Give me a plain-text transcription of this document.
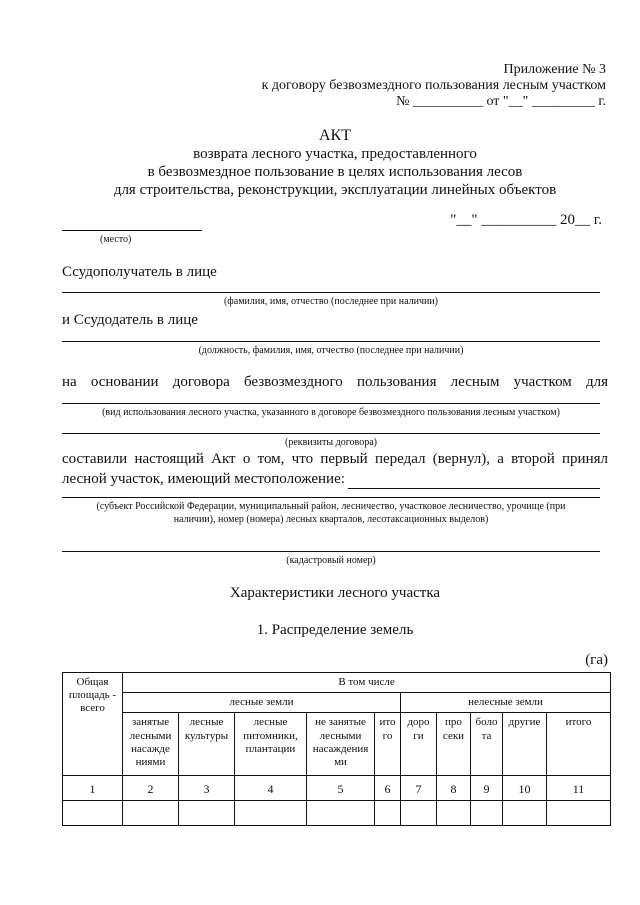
Приложение № 3
к договору безвозмездного пользования лесным участком
№ __________ от "__" _________ г.
АКТ
возврата лесного участка, предоставленного
в безвозмездное пользование в целях использования лесов
для строительства, реконструкции, эксплуатации линейных объектов
(место)
"__" __________ 20__ г.
Ссудополучатель в лице
(фамилия, имя, отчество (последнее при наличии)
и Ссудодатель в лице
(должность, фамилия, имя, отчество (последнее при наличии)
на основании договора безвозмездного пользования лесным участком для
(вид использования лесного участка, указанного в договоре безвозмездного пользования лесным участком)
(реквизиты договора)
составили настоящий Акт о том, что первый передал (вернул), а второй принял
лесной участок, имеющий местоположение:
(субъект Российской Федерации, муниципальный район, лесничество, участковое лесничество, урочище (при
наличии), номер (номера) лесных кварталов, лесотаксационных выделов)
(кадастровый номер)
Характеристики лесного участка
1. Распределение земель
(га)
Общая площадь - всего	В том числе									
	лесные земли					нелесные земли				
	занятые лесными насажде ниями	лесные культуры	лесные питомники, плантации	не занятые лесными насаждения ми	ито го	доро ги	про секи	боло та	другие	итого
1	2	3	4	5	6	7	8	9	10	11
